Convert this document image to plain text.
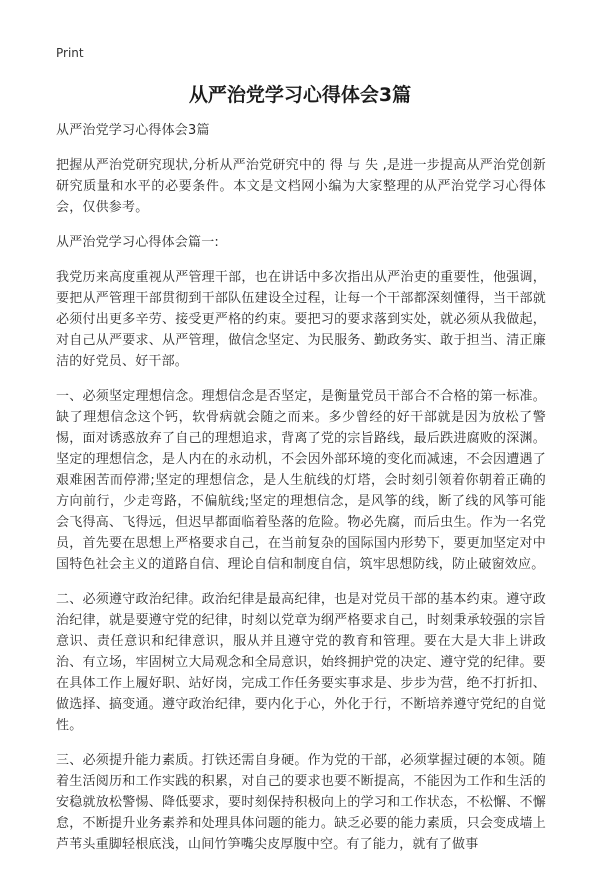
Print
从严治党学习心得体会3篇

从严治党学习心得体会3篇

把握从严治党研究现状,分析从严治党研究中的 得 与 失 ,是进一步提高从严治党创新研究质量和水平的必要条件。本文是文档网小编为大家整理的从严治党学习心得体会，仅供参考。

从严治党学习心得体会篇一:

我党历来高度重视从严管理干部，也在讲话中多次指出从严治吏的重要性，他强调，要把从严管理干部贯彻到干部队伍建设全过程，让每一个干部都深刻懂得，当干部就必须付出更多辛劳、接受更严格的约束。要把习的要求落到实处，就必须从我做起，对自己从严要求、从严管理，做信念坚定、为民服务、勤政务实、敢于担当、清正廉洁的好党员、好干部。

一、必须坚定理想信念。理想信念是否坚定，是衡量党员干部合不合格的第一标准。缺了理想信念这个钙，软骨病就会随之而来。多少曾经的好干部就是因为放松了警惕，面对诱惑放弃了自己的理想追求，背离了党的宗旨路线，最后跌进腐败的深渊。坚定的理想信念，是人内在的永动机，不会因外部环境的变化而减速，不会因遭遇了艰难困苦而停滞;坚定的理想信念，是人生航线的灯塔，会时刻引领着你朝着正确的方向前行，少走弯路，不偏航线;坚定的理想信念，是风筝的线，断了线的风筝可能会飞得高、飞得远，但迟早都面临着坠落的危险。物必先腐，而后虫生。作为一名党员，首先要在思想上严格要求自己，在当前复杂的国际国内形势下，要更加坚定对中国特色社会主义的道路自信、理论自信和制度自信，筑牢思想防线，防止破窗效应。

二、必须遵守政治纪律。政治纪律是最高纪律，也是对党员干部的基本约束。遵守政治纪律，就是要遵守党的纪律，时刻以党章为纲严格要求自己，时刻秉承较强的宗旨意识、责任意识和纪律意识，服从并且遵守党的教育和管理。要在大是大非上讲政治、有立场，牢固树立大局观念和全局意识，始终拥护党的决定、遵守党的纪律。要在具体工作上履好职、站好岗，完成工作任务要实事求是、步步为营，绝不打折扣、做选择、搞变通。遵守政治纪律，要内化于心，外化于行，不断培养遵守党纪的自觉性。

三、必须提升能力素质。打铁还需自身硬。作为党的干部，必须掌握过硬的本领。随着生活阅历和工作实践的积累，对自己的要求也要不断提高，不能因为工作和生活的安稳就放松警惕、降低要求，要时刻保持积极向上的学习和工作状态，不松懈、不懈怠，不断提升业务素养和处理具体问题的能力。缺乏必要的能力素质，只会变成墙上芦苇头重脚轻根底浅，山间竹笋嘴尖皮厚腹中空。有了能力，就有了做事
